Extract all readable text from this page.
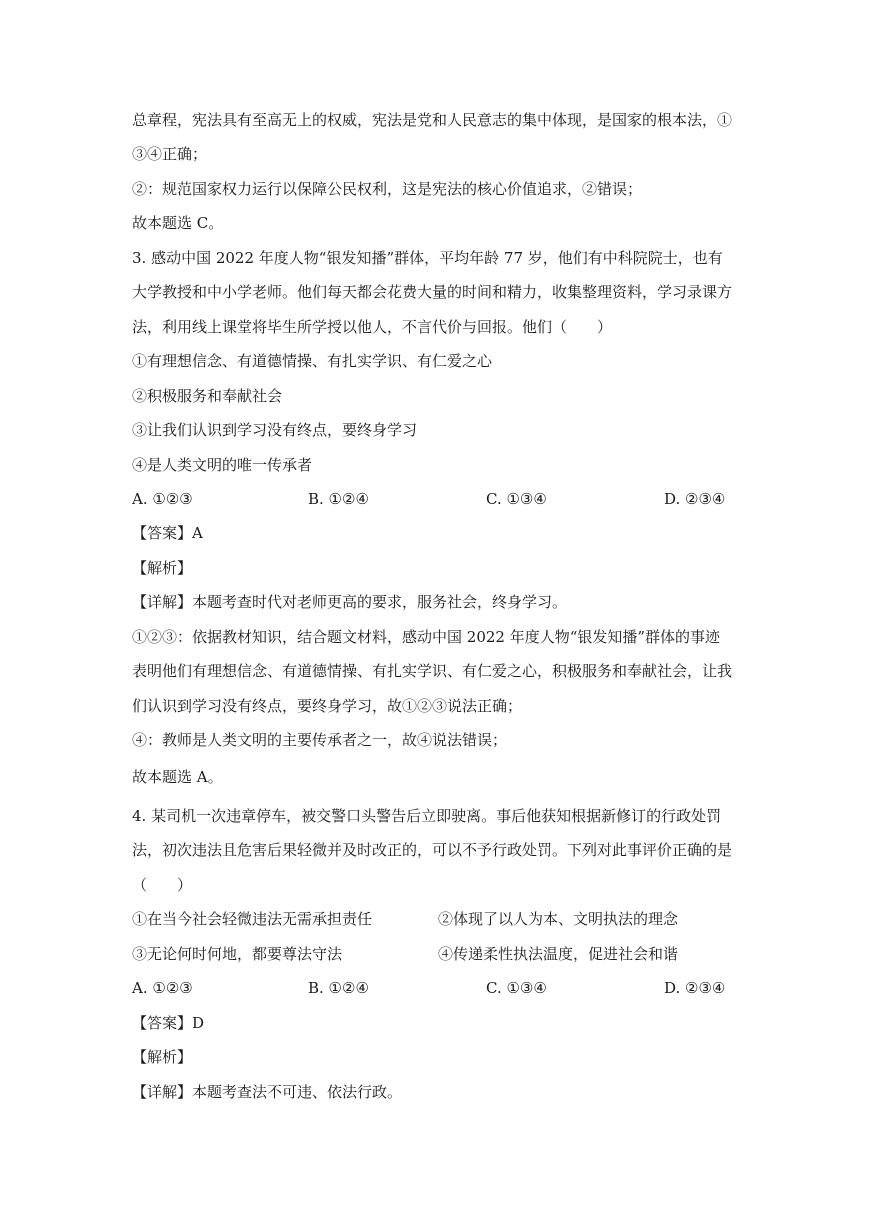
总章程，宪法具有至高无上的权威，宪法是党和人民意志的集中体现，是国家的根本法，①
③④正确；
②：规范国家权力运行以保障公民权利，这是宪法的核心价值追求，②错误；
故本题选 C。
3. 感动中国 2022 年度人物“银发知播”群体，平均年龄 77 岁，他们有中科院院士，也有
大学教授和中小学老师。他们每天都会花费大量的时间和精力，收集整理资料，学习录课方
法，利用线上课堂将毕生所学授以他人，不言代价与回报。他们（　　）
①有理想信念、有道德情操、有扎实学识、有仁爱之心
②积极服务和奉献社会
③让我们认识到学习没有终点，要终身学习
④是人类文明的唯一传承者
A. ①②③	B. ①②④	C. ①③④	D. ②③④
【答案】A
【解析】
【详解】本题考查时代对老师更高的要求，服务社会，终身学习。
①②③：依据教材知识，结合题文材料，感动中国 2022 年度人物“银发知播”群体的事迹
表明他们有理想信念、有道德情操、有扎实学识、有仁爱之心，积极服务和奉献社会，让我
们认识到学习没有终点，要终身学习，故①②③说法正确；
④：教师是人类文明的主要传承者之一，故④说法错误；
故本题选 A。
4. 某司机一次违章停车，被交警口头警告后立即驶离。事后他获知根据新修订的行政处罚
法，初次违法且危害后果轻微并及时改正的，可以不予行政处罚。下列对此事评价正确的是
（　　）
①在当今社会轻微违法无需承担责任	②体现了以人为本、文明执法的理念
③无论何时何地，都要尊法守法	④传递柔性执法温度，促进社会和谐
A. ①②③	B. ①②④	C. ①③④	D. ②③④
【答案】D
【解析】
【详解】本题考查法不可违、依法行政。
